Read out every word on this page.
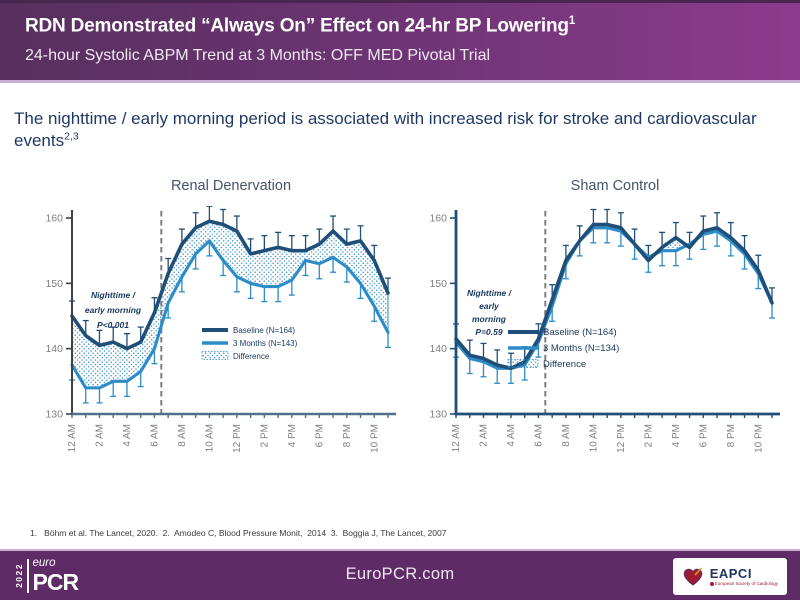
RDN Demonstrated “Always On” Effect on 24-hr BP Lowering$^1$
24-hour Systolic ABPM Trend at 3 Months: OFF MED Pivotal Trial
The nighttime / early morning period is associated with increased risk for stroke and cardiovascular events$^{2,3}$
Renal Denervation
130
140
150
160
12 AM 2 AM 4 AM 6 AM 8 AM 10 AM 12 PM 2 PM 4 PM 6 PM 8 PM 10 PM
Nighttime /
early morning
P<0.001
Baseline (N=164)
3 Months (N=143)
Difference
Sham Control
130
140
150
160
12 AM 2 AM 4 AM 6 AM 8 AM 10 AM 12 PM 2 PM 4 PM 6 PM 8 PM 10 PM
Nighttime /
early
morning
P=0.59	Baseline (N=164)
3 Months (N=134)
Difference
1.   Böhm et al. The Lancet, 2020.  2.  Amodeo C, Blood Pressure Monit,  2014  3.  Boggia J, The Lancet, 2007
2022
euro
PCR	EuroPCR.com	EAPCI
European Society of Cardiology
